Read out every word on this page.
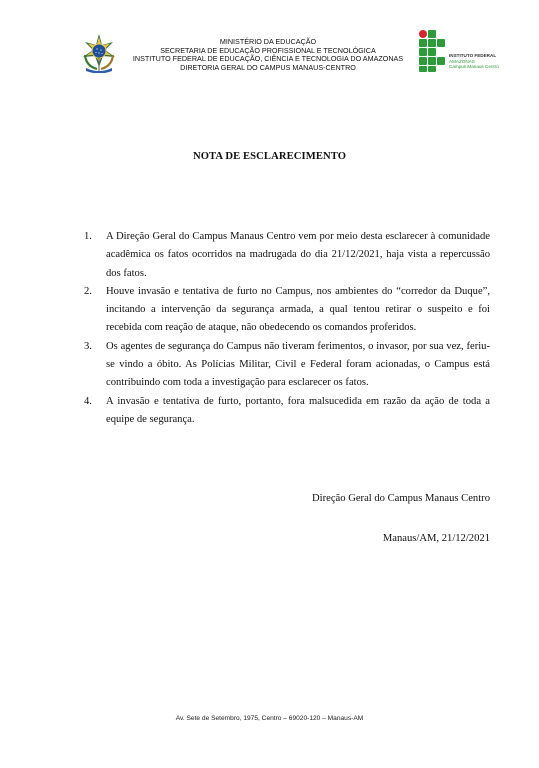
MINISTÉRIO DA EDUCAÇÃO
SECRETARIA DE EDUCAÇÃO PROFISSIONAL E TECNOLÓGICA
INSTITUTO FEDERAL DE EDUCAÇÃO, CIÊNCIA E TECNOLOGIA DO AMAZONAS
DIRETORIA GERAL DO CAMPUS MANAUS-CENTRO
INSTITUTO FEDERAL
AMAZONAS
Campus Manaus Centro
NOTA DE ESCLARECIMENTO
1. A Direção Geral do Campus Manaus Centro vem por meio desta esclarecer à comunidade acadêmica os fatos ocorridos na madrugada do dia 21/12/2021, haja vista a repercussão dos fatos.
2. Houve invasão e tentativa de furto no Campus, nos ambientes do “corredor da Duque”, incitando a intervenção da segurança armada, a qual tentou retirar o suspeito e foi recebida com reação de ataque, não obedecendo os comandos proferidos.
3. Os agentes de segurança do Campus não tiveram ferimentos, o invasor, por sua vez, feriu-se vindo a óbito. As Polícias Militar, Civil e Federal foram acionadas, o Campus está contribuindo com toda a investigação para esclarecer os fatos.
4. A invasão e tentativa de furto, portanto, fora malsucedida em razão da ação de toda a equipe de segurança.
Direção Geral do Campus Manaus Centro
Manaus/AM, 21/12/2021
Av. Sete de Setembro, 1975, Centro – 69020-120 – Manaus-AM
